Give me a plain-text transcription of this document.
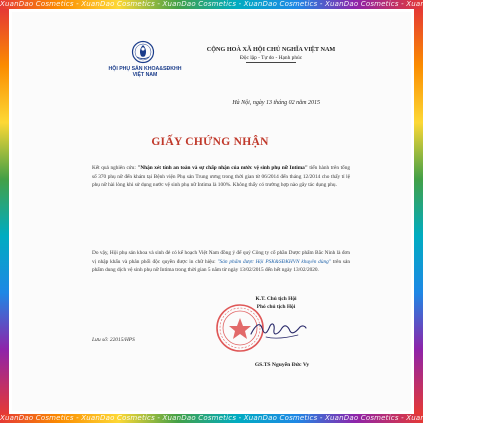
HỘI PHỤ SẢN KHOA&SĐKHH
VIỆT NAM
CỘNG HOÀ XÃ HỘI CHỦ NGHĨA VIỆT NAM
Độc lập - Tự do - Hạnh phúc
Hà Nội, ngày 13 tháng 02 năm 2015
GIẤY CHỨNG NHẬN
Kết quả nghiên cứu: "Nhận xét tính an toàn và sự chấp nhận của nước vệ sinh phụ nữ Intima" tiến hành trên tổng số 370 phụ nữ đến khám tại Bệnh viện Phụ sản Trung ương trong thời gian từ 06/2014 đến tháng 12/2014 cho thấy tỉ lệ phụ nữ hài lòng khi sử dụng nước vệ sinh phụ nữ Intima là 100%. Không thấy có trường hợp nào gây tác dụng phụ.
Do vậy, Hội phụ sản khoa và sinh đẻ có kế hoạch Việt Nam đồng ý để quý Công ty cổ phần Dược phẩm Bắc Ninh là đơn vị nhập khẩu và phân phối độc quyền được in chữ hiệu: "Sản phẩm được Hội PSK&SĐKHVN khuyên dùng" trên sản phẩm dung dịch vệ sinh phụ nữ Intima trong thời gian 5 năm từ ngày 13/02/2015 đến hết ngày 13/02/2020.
K.T. Chủ tịch Hội
Phó chủ tịch Hội
GS.TS Nguyễn Đức Vy
Lưu số: 22015/HPS
XuanDao Cosmetics - XuanDao Cosmetics - XuanDao Cosmetics - XuanDao Cosmetics - XuanDao Cosmetics - XuanDao Cosmetics
XuanDao Cosmetics - XuanDao Cosmetics - XuanDao Cosmetics - XuanDao Cosmetics - XuanDao Cosmetics - XuanDao Cosmetics
